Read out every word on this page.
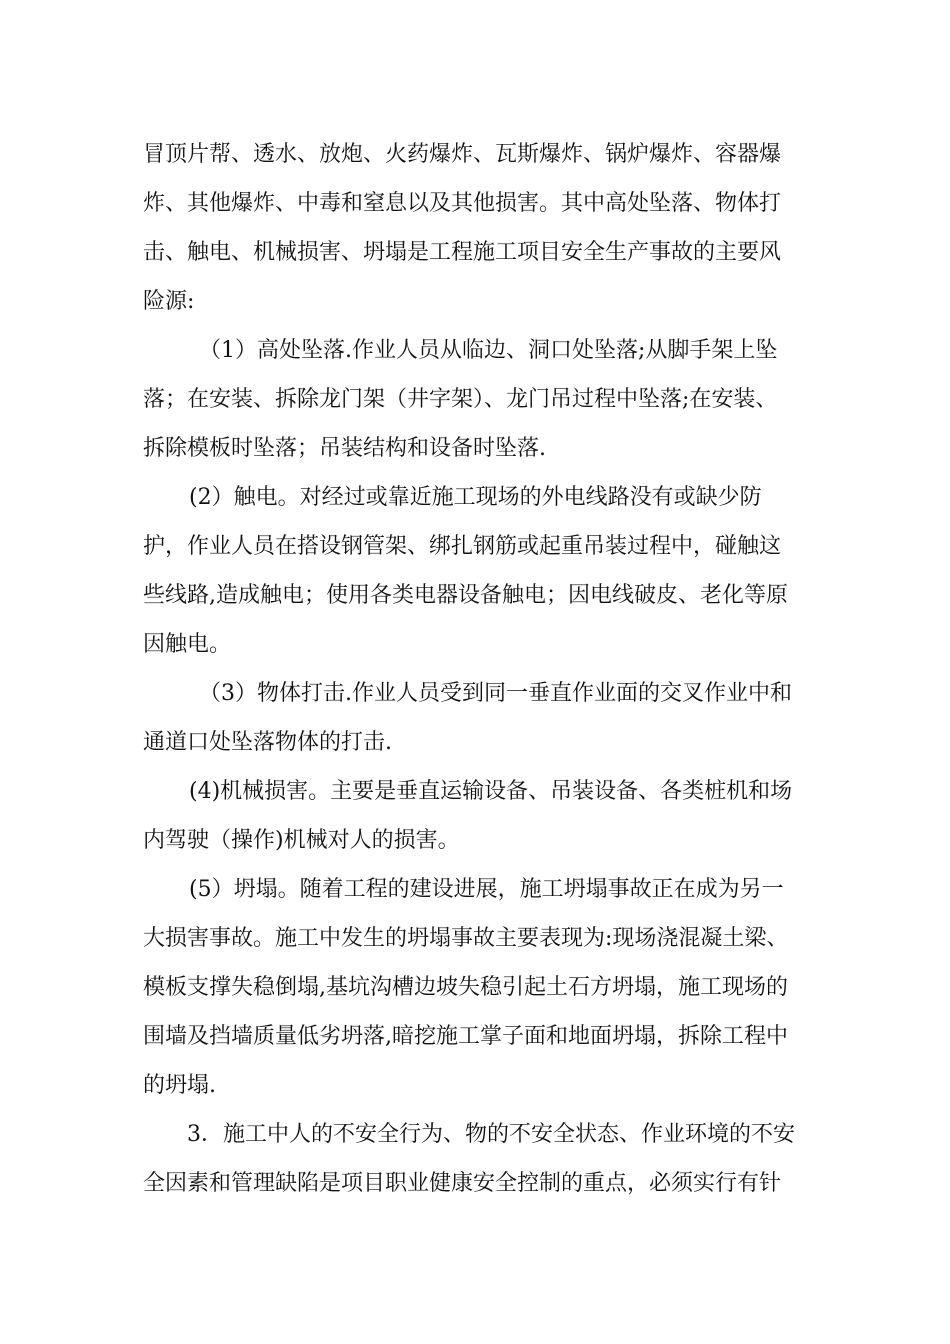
冒顶片帮、透水、放炮、火药爆炸、瓦斯爆炸、锅炉爆炸、容器爆
炸、其他爆炸、中毒和窒息以及其他损害。其中高处坠落、物体打
击、触电、机械损害、坍塌是工程施工项目安全生产事故的主要风
险源:
（1）高处坠落.作业人员从临边、洞口处坠落;从脚手架上坠
落；在安装、拆除龙门架（井字架）、龙门吊过程中坠落;在安装、
拆除模板时坠落；吊装结构和设备时坠落.
(2）触电。对经过或靠近施工现场的外电线路没有或缺少防
护，作业人员在搭设钢管架、绑扎钢筋或起重吊装过程中，碰触这
些线路,造成触电；使用各类电器设备触电；因电线破皮、老化等原
因触电。
（3）物体打击.作业人员受到同一垂直作业面的交叉作业中和
通道口处坠落物体的打击.
(4)机械损害。主要是垂直运输设备、吊装设备、各类桩机和场
内驾驶（操作)机械对人的损害。
(5）坍塌。随着工程的建设进展，施工坍塌事故正在成为另一
大损害事故。施工中发生的坍塌事故主要表现为:现场浇混凝土梁、
模板支撑失稳倒塌,基坑沟槽边坡失稳引起土石方坍塌，施工现场的
围墙及挡墙质量低劣坍落,暗挖施工掌子面和地面坍塌，拆除工程中
的坍塌.
3．施工中人的不安全行为、物的不安全状态、作业环境的不安
全因素和管理缺陷是项目职业健康安全控制的重点，必须实行有针
